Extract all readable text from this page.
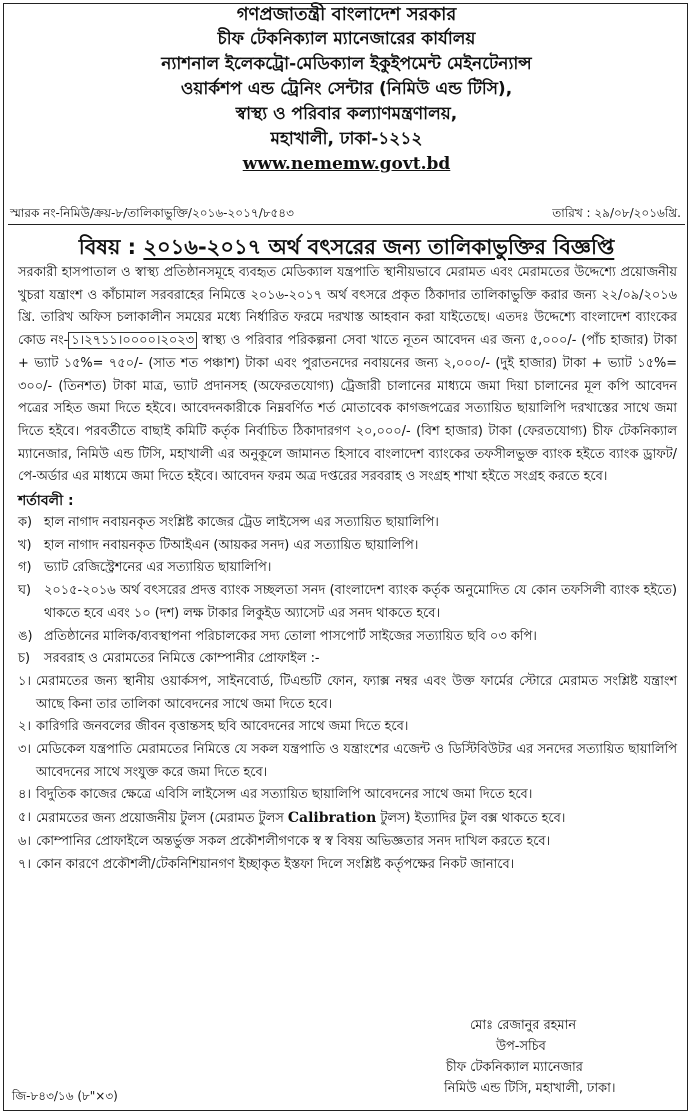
গণপ্রজাতন্ত্রী বাংলাদেশ সরকার
চীফ টেকনিক্যাল ম্যানেজারের কার্যালয়
ন্যাশনাল ইলেকট্রো-মেডিক্যাল ইকুইপমেন্ট মেইনটেন্যান্স
ওয়ার্কশপ এন্ড ট্রেনিং সেন্টার (নিমিউ এন্ড টিসি),
স্বাস্থ্য ও পরিবার কল্যাণমন্ত্রণালয়,
মহাখালী, ঢাকা-১২১২
www.nememw.govt.bd
স্মারক নং-নিমিউ/ক্রয়-৮/তালিকাভুক্তি/২০১৬-২০১৭/৮৫৪৩	তারিখ : ২৯/০৮/২০১৬খ্রি.
বিষয় : ২০১৬-২০১৭ অর্থ বৎসরের জন্য তালিকাভুক্তির বিজ্ঞপ্তি

সরকারী হাসপাতাল ও স্বাস্থ্য প্রতিষ্ঠানসমূহে ব্যবহৃত মেডিক্যাল যন্ত্রপাতি স্থানীয়ভাবে মেরামত এবং মেরামতের উদ্দেশ্যে প্রয়োজনীয় খুচরা যন্ত্রাংশ ও কাঁচামাল সরবরাহের নিমিত্তে ২০১৬-২০১৭ অর্থ বৎসরে প্রকৃত ঠিকাদার তালিকাভুক্তি করার জন্য ২২/০৯/২০১৬ খ্রি. তারিখ অফিস চলাকালীন সময়ের মধ্যে নির্ধারিত ফরমে দরখাস্ত আহবান করা যাইতেছে। এতদঃ উদ্দেশ্যে বাংলাদেশ ব্যাংকের কোড নং- ১।২৭১১।০০০০।২০২৩ স্বাস্থ্য ও পরিবার পরিকল্পনা সেবা খাতে নূতন আবেদন এর জন্য ৫,০০০/- (পাঁচ হাজার) টাকা + ভ্যাট ১৫%= ৭৫০/- (সাত শত পঞ্চাশ) টাকা এবং পুরাতনদের নবায়নের জন্য ২,০০০/- (দুই হাজার) টাকা + ভ্যাট ১৫%= ৩০০/- (তিনশত) টাকা মাত্র, ভ্যাট প্রদানসহ (অফেরতযোগ্য) ট্রেজারী চালানের মাধ্যমে জমা দিয়া চালানের মূল কপি আবেদন পত্রের সহিত জমা দিতে হইবে। আবেদনকারীকে নিম্নবর্ণিত শর্ত মোতাবেক কাগজপত্রের সত্যায়িত ছায়ালিপি দরখাস্তের সাথে জমা দিতে হইবে। পরবর্তীতে বাছাই কমিটি কর্তৃক নির্বাচিত ঠিকাদারগণ ২০,০০০/- (বিশ হাজার) টাকা (ফেরতযোগ্য) চীফ টেকনিক্যাল ম্যানেজার, নিমিউ এন্ড টিসি, মহাখালী এর অনুকূলে জামানত হিসাবে বাংলাদেশ ব্যাংকের তফসীলভুক্ত ব্যাংক হইতে ব্যাংক ড্রাফট/পে-অর্ডার এর মাধ্যমে জমা দিতে হইবে। আবেদন ফরম অত্র দপ্তরের সরবরাহ ও সংগ্রহ শাখা হইতে সংগ্রহ করতে হবে।

শর্তাবলী :
ক) হাল নাগাদ নবায়নকৃত সংশ্লিষ্ট কাজের ট্রেড লাইসেন্স এর সত্যায়িত ছায়ালিপি।
খ) হাল নাগাদ নবায়নকৃত টিআইএন (আয়কর সনদ) এর সত্যায়িত ছায়ালিপি।
গ) ভ্যাট রেজিস্ট্রেশনের এর সত্যায়িত ছায়ালিপি।
ঘ)	২০১৫-২০১৬ অর্থ বৎসরের প্রদত্ত ব্যাংক সচ্ছলতা সনদ (বাংলাদেশ ব্যাংক কর্তৃক অনুমোদিত যে কোন তফসিলী ব্যাংক হইতে) থাকতে হবে এবং ১০ (দশ) লক্ষ টাকার লিকুইড অ্যাসেট এর সনদ থাকতে হবে।
ঙ) প্রতিষ্ঠানের মালিক/ব্যবস্থাপনা পরিচালকের সদ্য তোলা পাসপোর্ট সাইজের সত্যায়িত ছবি ০৩ কপি।
চ)	সরবরাহ ও মেরামতের নিমিত্তে কোম্পানীর প্রোফাইল :-
১। মেরামতের জন্য স্থানীয় ওয়ার্কসপ, সাইনবোর্ড, টিএন্ডটি ফোন, ফ্যাক্স নম্বর এবং উক্ত ফার্মের স্টোরে মেরামত সংশ্লিষ্ট যন্ত্রাংশ আছে কিনা তার তালিকা আবেদনের সাথে জমা দিতে হবে।
২। কারিগরি জনবলের জীবন বৃত্তান্তসহ ছবি আবেদনের সাথে জমা দিতে হবে।
৩। মেডিকেল যন্ত্রপাতি মেরামতের নিমিত্তে যে সকল যন্ত্রপাতি ও যন্ত্রাংশের এজেন্ট ও ডিস্টিবিউটর এর সনদের সত্যায়িত ছায়ালিপি আবেদনের সাথে সংযুক্ত করে জমা দিতে হবে।
৪। বিদুতিক কাজের ক্ষেত্রে এবিসি লাইসেন্স এর সত্যায়িত ছায়ালিপি আবেদনের সাথে জমা দিতে হবে।
৫। মেরামতের জন্য প্রয়োজনীয় টুলস (মেরামত টুলস Calibration টুলস) ইত্যাদির টুল বক্স থাকতে হবে।
৬। কোম্পানির প্রোফাইলে অন্তর্ভুক্ত সকল প্রকৌশলীগণকে স্ব স্ব বিষয় অভিজ্ঞতার সনদ দাখিল করতে হবে।
৭। কোন কারণে প্রকৌশলী/টেকনিশিয়ানগণ ইচ্ছাকৃত ইস্তফা দিলে সংশ্লিষ্ট কর্তৃপক্ষের নিকট জানাবে।
মোঃ রেজানুর রহমান
উপ-সচিব
চীফ টেকনিক্যাল ম্যানেজার
নিমিউ এন্ড টিসি, মহাখালী, ঢাকা।
জি-৮৪৩/১৬ (৮"×৩)
